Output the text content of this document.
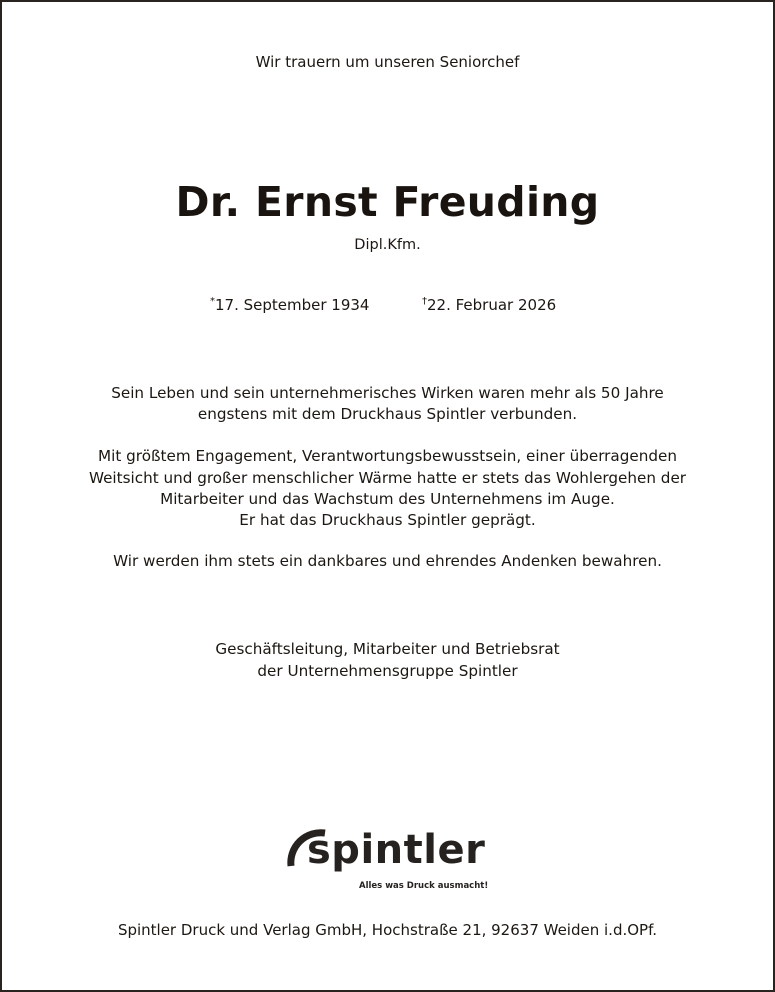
Wir trauern um unseren Seniorchef
Dr. Ernst Freuding
Dipl.Kfm.
*17. September 1934	†22. Februar 2026
Sein Leben und sein unternehmerisches Wirken waren mehr als 50 Jahre
engstens mit dem Druckhaus Spintler verbunden.
Mit größtem Engagement, Verantwortungsbewusstsein, einer überragenden
Weitsicht und großer menschlicher Wärme hatte er stets das Wohlergehen der
Mitarbeiter und das Wachstum des Unternehmens im Auge.
Er hat das Druckhaus Spintler geprägt.
Wir werden ihm stets ein dankbares und ehrendes Andenken bewahren.
Geschäftsleitung, Mitarbeiter und Betriebsrat
der Unternehmensgruppe Spintler
spintler
Alles was Druck ausmacht!
Spintler Druck und Verlag GmbH, Hochstraße 21, 92637 Weiden i.d.OPf.
